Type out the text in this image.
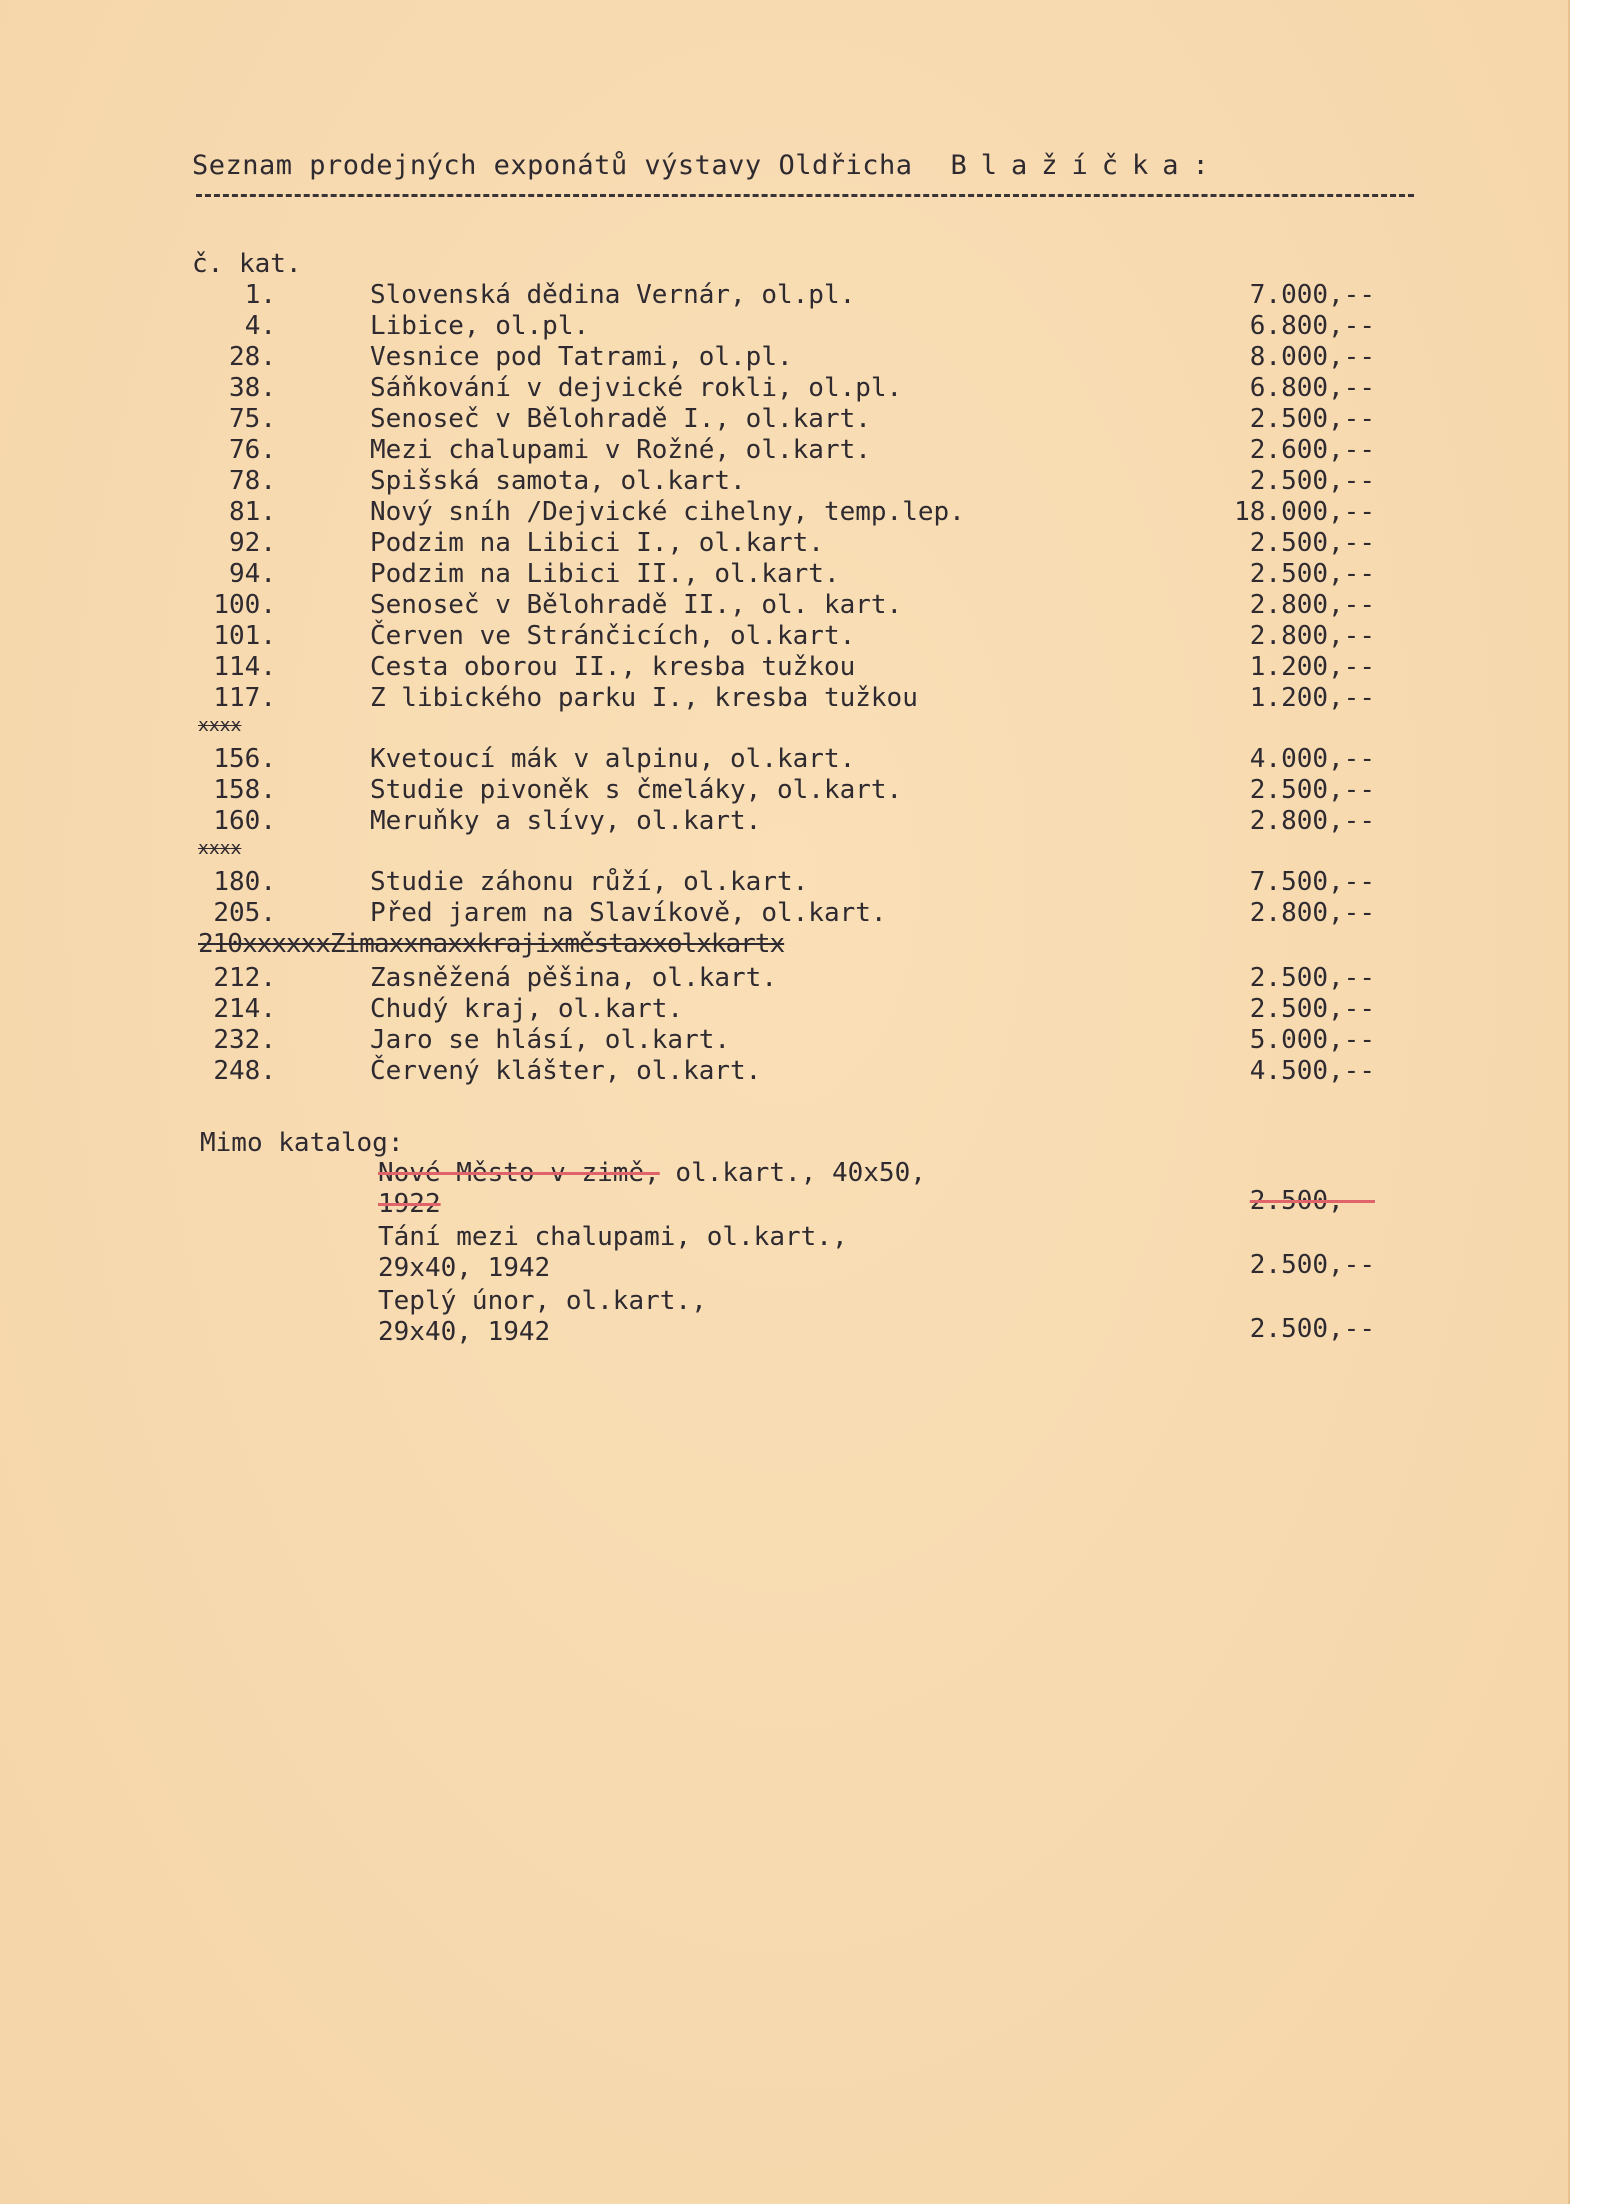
Seznam prodejných exponátů výstavy Oldřicha Blažíčka:
č. kat.
1.	Slovenská dědina Vernár, ol.pl.	7.000,--
4.	Libice, ol.pl.	6.800,--
28.	Vesnice pod Tatrami, ol.pl.	8.000,--
38.	Sáňkování v dejvické rokli, ol.pl.	6.800,--
75.	Senoseč v Bělohradě I., ol.kart.	2.500,--
76.	Mezi chalupami v Rožné, ol.kart.	2.600,--
78.	Spišská samota, ol.kart.	2.500,--
81.	Nový sníh /Dejvické cihelny, temp.lep.	18.000,--
92.	Podzim na Libici I., ol.kart.	2.500,--
94.	Podzim na Libici II., ol.kart.	2.500,--
100.	Senoseč v Bělohradě II., ol. kart.	2.800,--
101.	Červen ve Stránčicích, ol.kart.	2.800,--
114.	Cesta oborou II., kresba tužkou	1.200,--
117.	Z libického parku I., kresba tužkou	1.200,--
xxxx
156.	Kvetoucí mák v alpinu, ol.kart.	4.000,--
158.	Studie pivoněk s čmeláky, ol.kart.	2.500,--
160.	Meruňky a slívy, ol.kart.	2.800,--
xxxx
180.	Studie záhonu růží, ol.kart.	7.500,--
205.	Před jarem na Slavíkově, ol.kart.	2.800,--
210xxxxxxZimaxxnaxxkrajixměstaxxolxkartx
212.	Zasněžená pěšina, ol.kart.	2.500,--
214.	Chudý kraj, ol.kart.	2.500,--
232.	Jaro se hlásí, ol.kart.	5.000,--
248.	Červený klášter, ol.kart.	4.500,--
Mimo katalog:
Nové Město v zimě, ol.kart., 40x50,
1922	2.500,--
Tání mezi chalupami, ol.kart.,
29x40, 1942	2.500,--
Teplý únor, ol.kart.,
29x40, 1942	2.500,--
